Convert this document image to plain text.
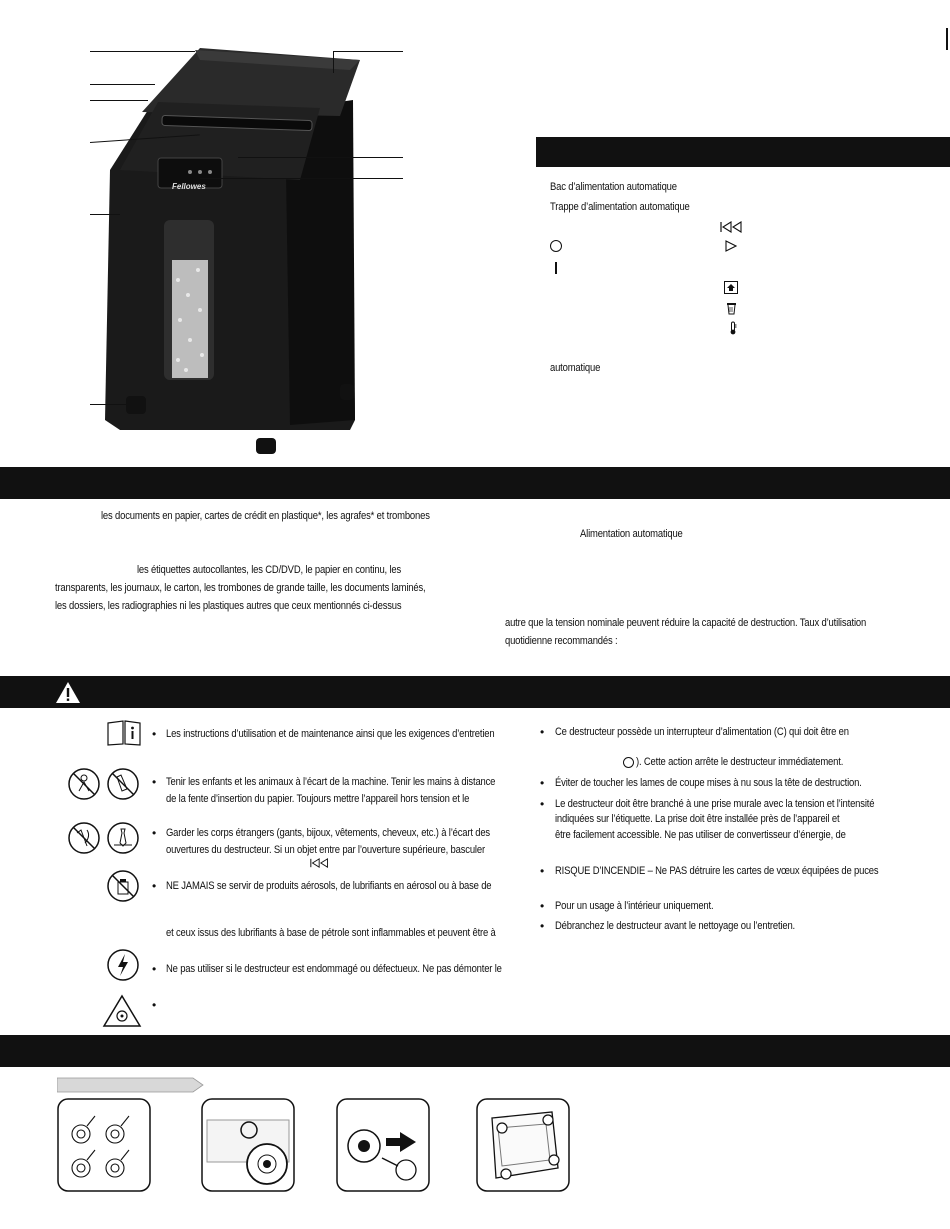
Fellowes	Bac d’alimentation automatique
Trappe d’alimentation automatique
automatique
les documents en papier, cartes de crédit en plastique*, les agrafes* et trombones
les étiquettes autocollantes, les CD/DVD, le papier en continu, les
transparents, les journaux, le carton, les trombones de grande taille, les documents laminés,
les dossiers, les radiographies ni les plastiques autres que ceux mentionnés ci-dessus
Alimentation automatique
autre que la tension nominale peuvent réduire la capacité de destruction. Taux d’utilisation
quotidienne recommandés :
• Les instructions d’utilisation et de maintenance ainsi que les exigences d’entretien
• Tenir les enfants et les animaux à l’écart de la machine. Tenir les mains à distance
de la fente d’insertion du papier. Toujours mettre l’appareil hors tension et le
• Garder les corps étrangers (gants, bijoux, vêtements, cheveux, etc.) à l’écart des
ouvertures du destructeur. Si un objet entre par l’ouverture supérieure, basculer
• NE JAMAIS se servir de produits aérosols, de lubrifiants en aérosol ou à base de
et ceux issus des lubrifiants à base de pétrole sont inflammables et peuvent être à
• Ne pas utiliser si le destructeur est endommagé ou défectueux. Ne pas démonter le
•
• Ce destructeur possède un interrupteur d’alimentation (C) qui doit être en
). Cette action arrête le destructeur immédiatement.
• Éviter de toucher les lames de coupe mises à nu sous la tête de destruction.
• Le destructeur doit être branché à une prise murale avec la tension et l’intensité
indiquées sur l’étiquette. La prise doit être installée près de l’appareil et
être facilement accessible. Ne pas utiliser de convertisseur d’énergie, de
• RISQUE D’INCENDIE – Ne PAS détruire les cartes de vœux équipées de puces
• Pour un usage à l’intérieur uniquement.
• Débranchez le destructeur avant le nettoyage ou l’entretien.
